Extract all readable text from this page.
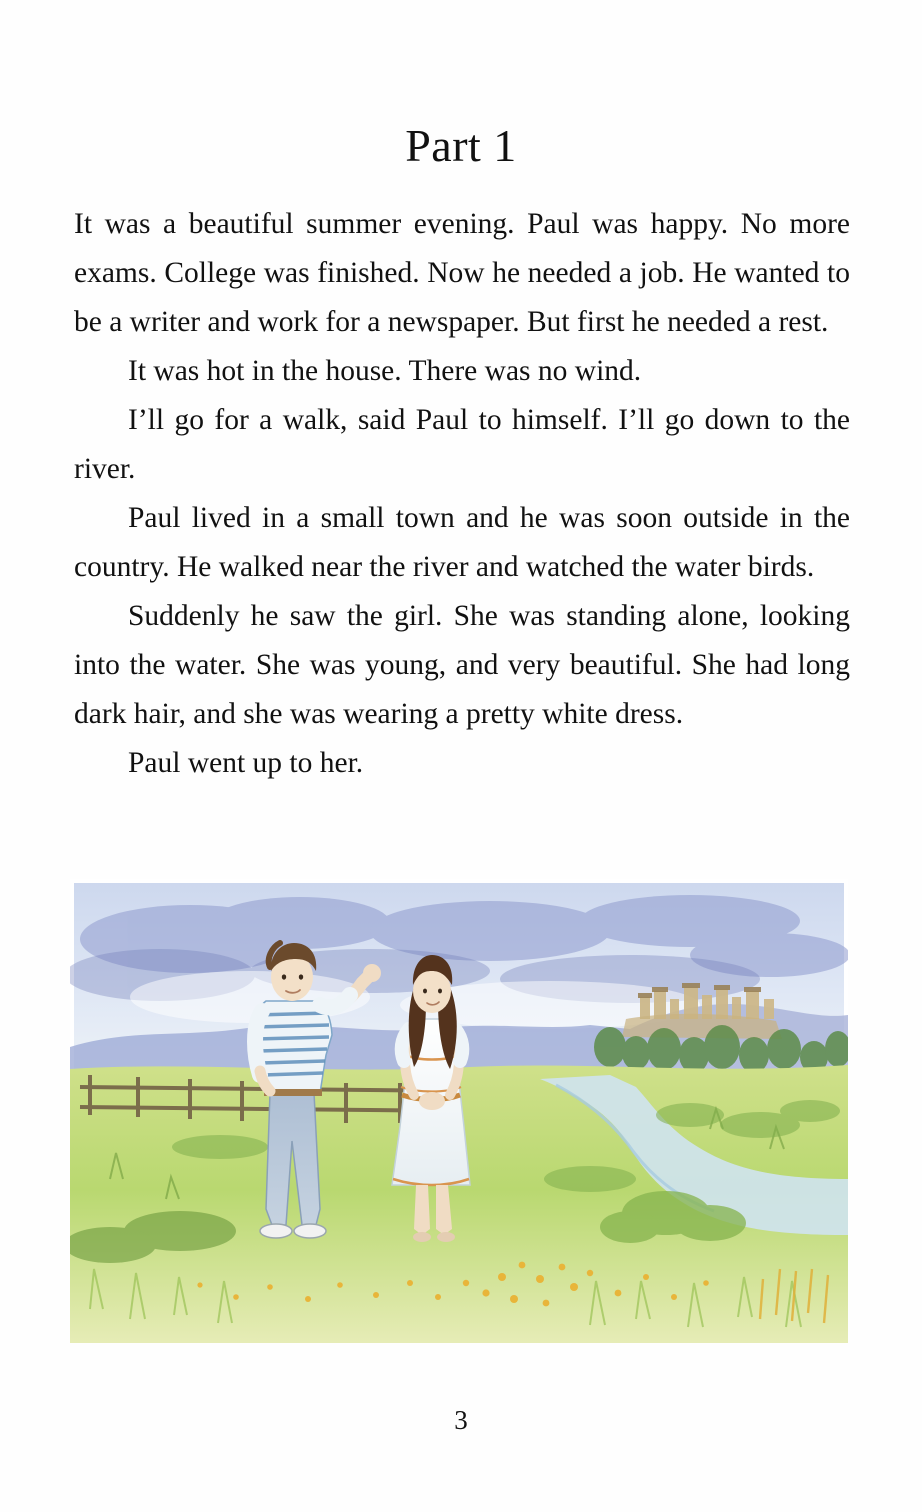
Part 1

It was a beautiful summer evening. Paul was happy. No more exams. College was finished. Now he needed a job. He wanted to be a writer and work for a newspaper. But first he needed a rest.

It was hot in the house. There was no wind.

I’ll go for a walk, said Paul to himself. I’ll go down to the river.

Paul lived in a small town and he was soon outside in the country. He walked near the river and watched the water birds.

Suddenly he saw the girl. She was standing alone, looking into the water. She was young, and very beautiful. She had long dark hair, and she was wearing a pretty white dress.

Paul went up to her.

3
